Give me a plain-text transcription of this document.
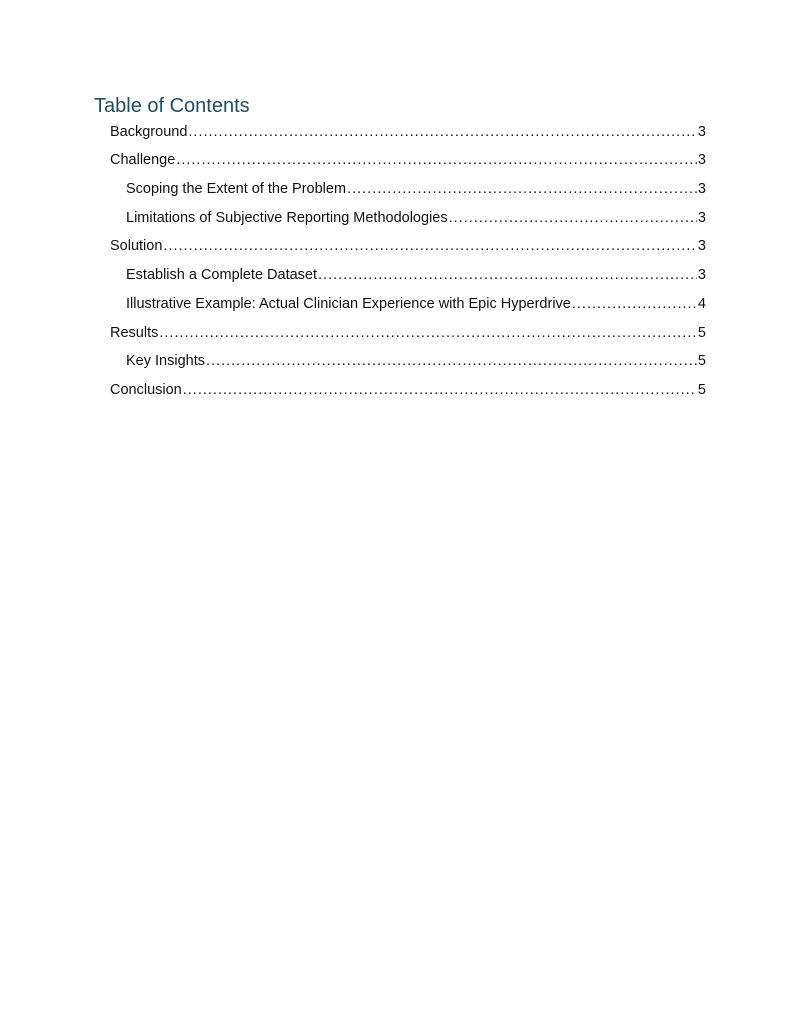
Table of Contents
Background .....	3
Challenge .....	3
Scoping the Extent of the Problem .....	3
Limitations of Subjective Reporting Methodologies .....	3
Solution .....	3
Establish a Complete Dataset .....	3
Illustrative Example: Actual Clinician Experience with Epic Hyperdrive .....	4
Results .....	5
Key Insights .....	5
Conclusion .....	5
